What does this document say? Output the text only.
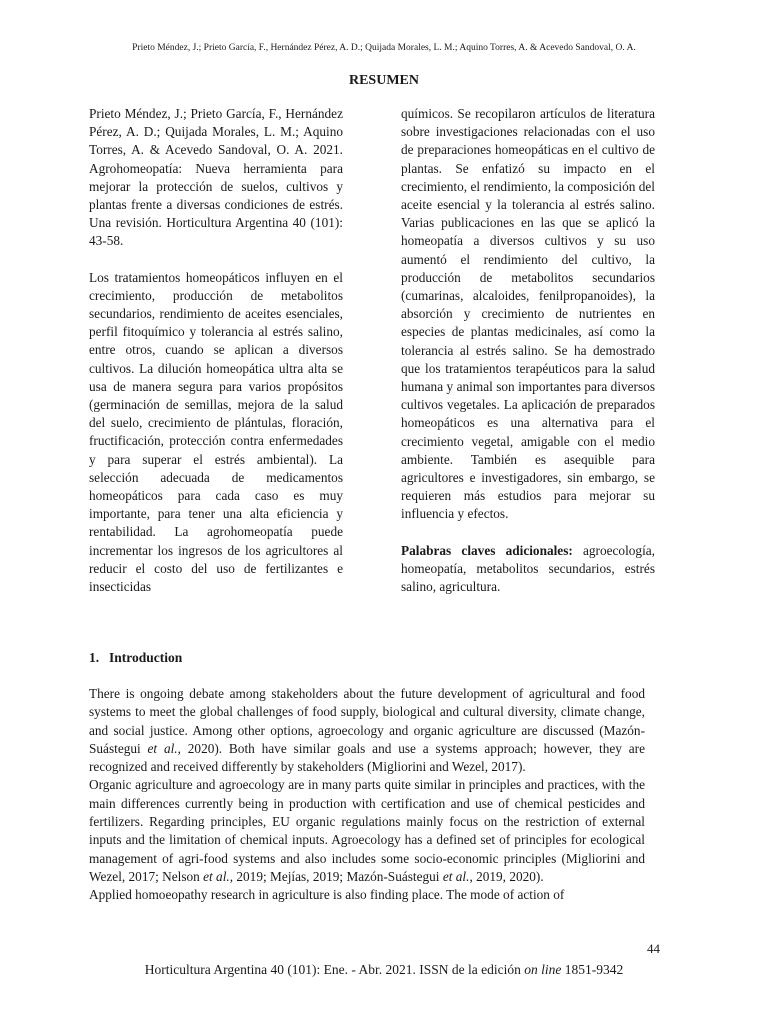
Prieto Méndez, J.; Prieto García, F., Hernández Pérez, A. D.; Quijada Morales, L. M.; Aquino Torres, A. & Acevedo Sandoval, O. A.
RESUMEN

Prieto Méndez, J.; Prieto García, F., Hernández Pérez, A. D.; Quijada Morales, L. M.; Aquino Torres, A. & Acevedo Sandoval, O. A. 2021. Agrohomeopatía: Nueva herramienta para mejorar la protección de suelos, cultivos y plantas frente a diversas condiciones de estrés. Una revisión. Horticultura Argentina 40 (101): 43-58.

Los tratamientos homeopáticos influyen en el crecimiento, producción de metabolitos secundarios, rendimiento de aceites esenciales, perfil fitoquímico y tolerancia al estrés salino, entre otros, cuando se aplican a diversos cultivos. La dilución homeopática ultra alta se usa de manera segura para varios propósitos (germinación de semillas, mejora de la salud del suelo, crecimiento de plántulas, floración, fructificación, protección contra enfermedades y para superar el estrés ambiental). La selección adecuada de medicamentos homeopáticos para cada caso es muy importante, para tener una alta eficiencia y rentabilidad. La agrohomeopatía puede incrementar los ingresos de los agricultores al reducir el costo del uso de fertilizantes e insecticidas

químicos. Se recopilaron artículos de literatura sobre investigaciones relacionadas con el uso de preparaciones homeopáticas en el cultivo de plantas. Se enfatizó su impacto en el crecimiento, el rendimiento, la composición del aceite esencial y la tolerancia al estrés salino. Varias publicaciones en las que se aplicó la homeopatía a diversos cultivos y su uso aumentó el rendimiento del cultivo, la producción de metabolitos secundarios (cumarinas, alcaloides, fenilpropanoides), la absorción y crecimiento de nutrientes en especies de plantas medicinales, así como la tolerancia al estrés salino. Se ha demostrado que los tratamientos terapéuticos para la salud humana y animal son importantes para diversos cultivos vegetales. La aplicación de preparados homeopáticos es una alternativa para el crecimiento vegetal, amigable con el medio ambiente. También es asequible para agricultores e investigadores, sin embargo, se requieren más estudios para mejorar su influencia y efectos.

Palabras claves adicionales: agroecología, homeopatía, metabolitos secundarios, estrés salino, agricultura.

1. Introduction

There is ongoing debate among stakeholders about the future development of agricultural and food systems to meet the global challenges of food supply, biological and cultural diversity, climate change, and social justice. Among other options, agroecology and organic agriculture are discussed (Mazón-Suástegui et al., 2020). Both have similar goals and use a systems approach; however, they are recognized and received differently by stakeholders (Migliorini and Wezel, 2017).

Organic agriculture and agroecology are in many parts quite similar in principles and practices, with the main differences currently being in production with certification and use of chemical pesticides and fertilizers. Regarding principles, EU organic regulations mainly focus on the restriction of external inputs and the limitation of chemical inputs. Agroecology has a defined set of principles for ecological management of agri-food systems and also includes some socio-economic principles (Migliorini and Wezel, 2017; Nelson et al., 2019; Mejías, 2019; Mazón-Suástegui et al., 2019, 2020).

Applied homoeopathy research in agriculture is also finding place. The mode of action of

44
Horticultura Argentina 40 (101): Ene. - Abr. 2021. ISSN de la edición on line 1851-9342
